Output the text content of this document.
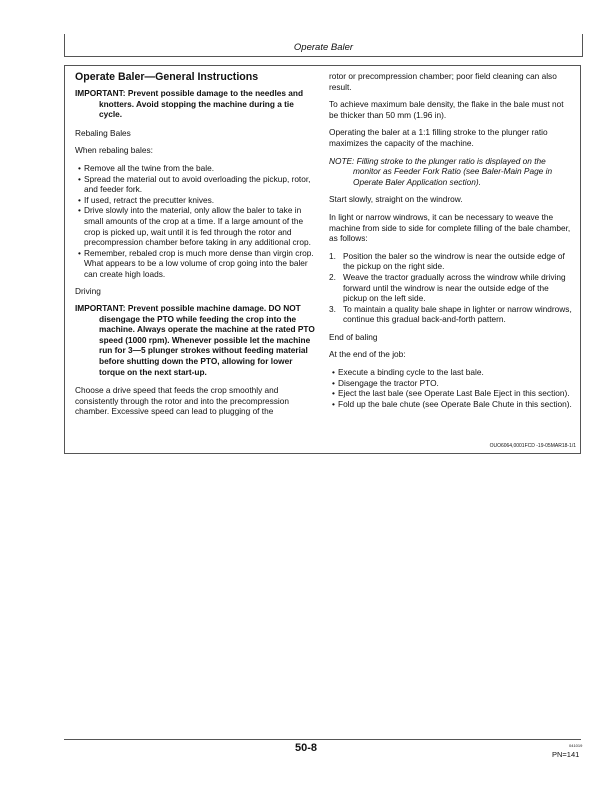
Operate Baler
Operate Baler—General Instructions

IMPORTANT: Prevent possible damage to the needles and knotters. Avoid stopping the machine during a tie cycle.

Rebaling Bales

When rebaling bales:

• Remove all the twine from the bale.
• Spread the material out to avoid overloading the pickup, rotor, and feeder fork.
• If used, retract the precutter knives.
• Drive slowly into the material, only allow the baler to take in small amounts of the crop at a time. If a large amount of the crop is picked up, wait until it is fed through the rotor and precompression chamber before taking in any additional crop.
• Remember, rebaled crop is much more dense than virgin crop. What appears to be a low volume of crop going into the baler can create high loads.

Driving

IMPORTANT: Prevent possible machine damage. DO NOT disengage the PTO while feeding the crop into the machine. Always operate the machine at the rated PTO speed (1000 rpm). Whenever possible let the machine run for 3—5 plunger strokes without feeding material before shutting down the PTO, allowing for lower torque on the next start-up.

Choose a drive speed that feeds the crop smoothly and consistently through the rotor and into the precompression chamber. Excessive speed can lead to plugging of the

rotor or precompression chamber; poor field cleaning can also result.

To achieve maximum bale density, the flake in the bale must not be thicker than 50 mm (1.96 in).

Operating the baler at a 1:1 filling stroke to the plunger ratio maximizes the capacity of the machine.

NOTE: Filling stroke to the plunger ratio is displayed on the monitor as Feeder Fork Ratio (see Baler-Main Page in Operate Baler Application section).

Start slowly, straight on the windrow.

In light or narrow windrows, it can be necessary to weave the machine from side to side for complete filling of the bale chamber, as follows:

1. Position the baler so the windrow is near the outside edge of the pickup on the right side.
2. Weave the tractor gradually across the windrow while driving forward until the windrow is near the outside edge of the pickup on the left side.
3. To maintain a quality bale shape in lighter or narrow windrows, continue this gradual back-and-forth pattern.

End of baling

At the end of the job:

• Execute a binding cycle to the last bale.
• Disengage the tractor PTO.
• Eject the last bale (see Operate Last Bale Eject in this section).
• Fold up the bale chute (see Operate Bale Chute in this section).
OUO6064,0001FCD -19-05MAR18-1/1
50-8	041019
PN=141
